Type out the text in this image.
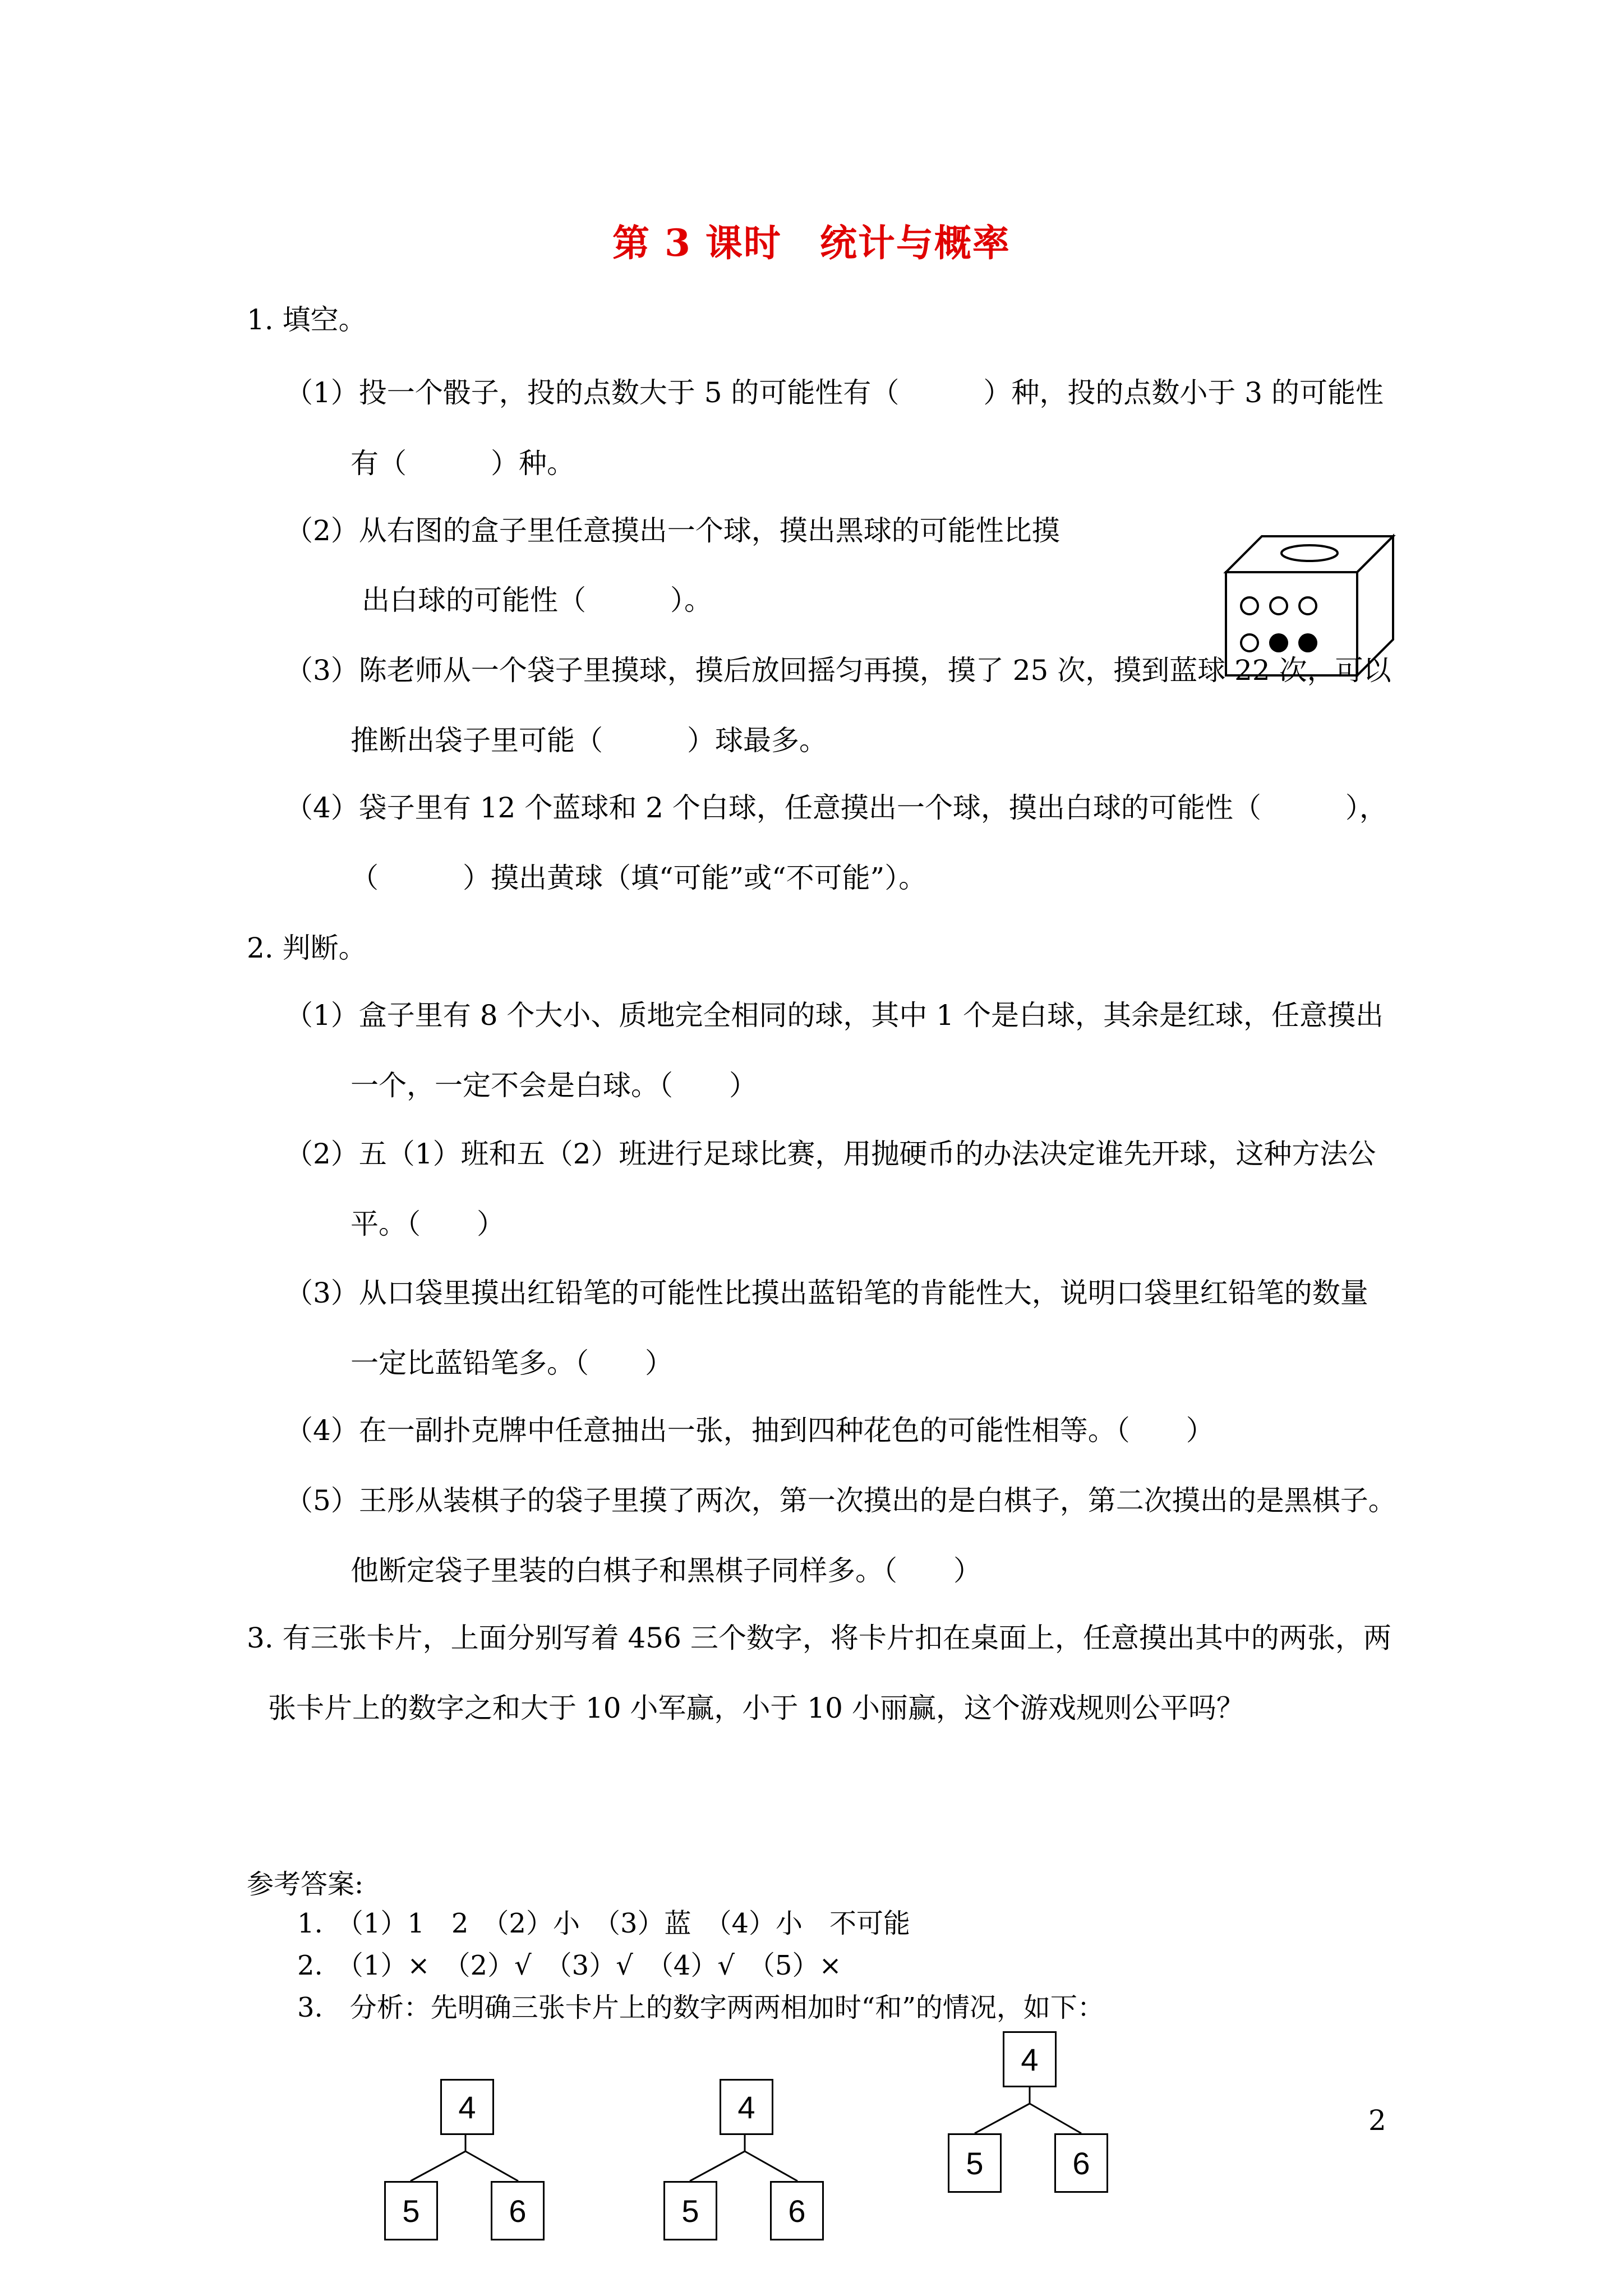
第 3 课时　统计与概率
1. 填空。
（1）投一个骰子，投的点数大于 5 的可能性有（　　　）种，投的点数小于 3 的可能性
有（　　　）种。
（2）从右图的盒子里任意摸出一个球，摸出黑球的可能性比摸
出白球的可能性（　　　）。
（3）陈老师从一个袋子里摸球，摸后放回摇匀再摸，摸了 25 次，摸到蓝球 22 次，可以
推断出袋子里可能（　　　）球最多。
（4）袋子里有 12 个蓝球和 2 个白球，任意摸出一个球，摸出白球的可能性（　　　），
（　　　）摸出黄球（填“可能”或“不可能”）。
2. 判断。
（1）盒子里有 8 个大小、质地完全相同的球，其中 1 个是白球，其余是红球，任意摸出
一个，一定不会是白球。（　　）
（2）五（1）班和五（2）班进行足球比赛，用抛硬币的办法决定谁先开球，这种方法公
平。（　　）
（3）从口袋里摸出红铅笔的可能性比摸出蓝铅笔的肯能性大，说明口袋里红铅笔的数量
一定比蓝铅笔多。（　　）
（4）在一副扑克牌中任意抽出一张，抽到四种花色的可能性相等。（　　）
（5）王彤从装棋子的袋子里摸了两次，第一次摸出的是白棋子，第二次摸出的是黑棋子。
他断定袋子里装的白棋子和黑棋子同样多。（　　）
3. 有三张卡片，上面分别写着 456 三个数字，将卡片扣在桌面上，任意摸出其中的两张，两
张卡片上的数字之和大于 10 小军赢，小于 10 小丽赢，这个游戏规则公平吗？
参考答案:
1.　（1）1　2　（2）小　（3）蓝　（4）小　不可能
2.　（1）×　（2）√　（3）√　（4）√　（5）×
3.　分析：先明确三张卡片上的数字两两相加时“和”的情况，如下：
4
5	6
4
5	6
4
5	6
2
